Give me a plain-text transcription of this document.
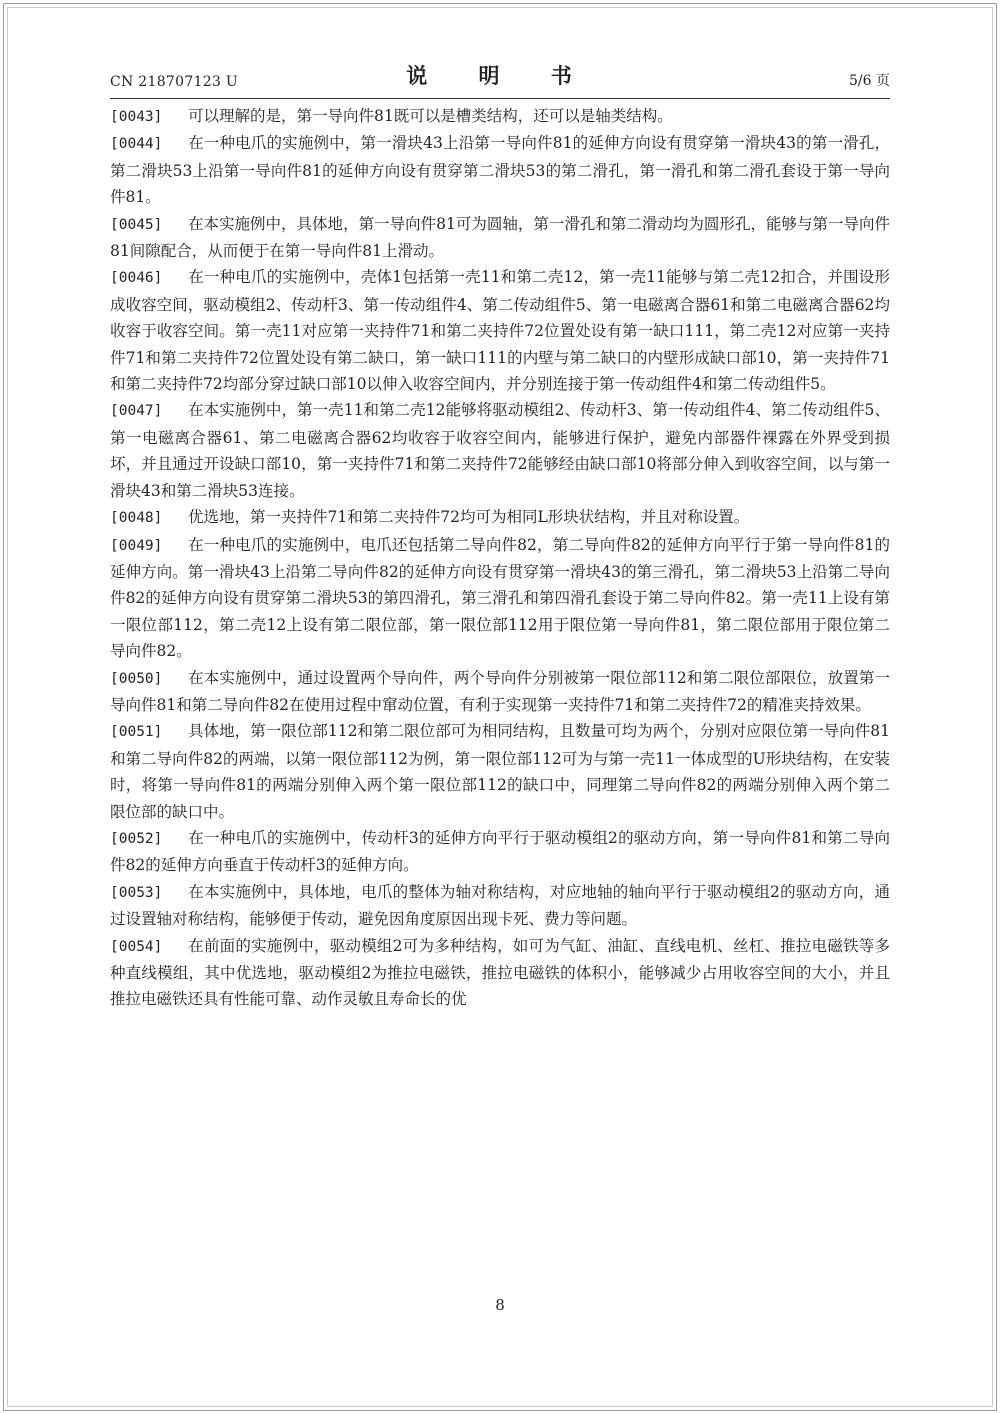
CN 218707123 U	说 明 书	5/6 页

[0043] 可以理解的是，第一导向件81既可以是槽类结构，还可以是轴类结构。

[0044] 在一种电爪的实施例中，第一滑块43上沿第一导向件81的延伸方向设有贯穿第一滑块43的第一滑孔，第二滑块53上沿第一导向件81的延伸方向设有贯穿第二滑块53的第二滑孔，第一滑孔和第二滑孔套设于第一导向件81。

[0045] 在本实施例中，具体地，第一导向件81可为圆轴，第一滑孔和第二滑动均为圆形孔，能够与第一导向件81间隙配合，从而便于在第一导向件81上滑动。

[0046] 在一种电爪的实施例中，壳体1包括第一壳11和第二壳12，第一壳11能够与第二壳12扣合，并围设形成收容空间，驱动模组2、传动杆3、第一传动组件4、第二传动组件5、第一电磁离合器61和第二电磁离合器62均收容于收容空间。第一壳11对应第一夹持件71和第二夹持件72位置处设有第一缺口111，第二壳12对应第一夹持件71和第二夹持件72位置处设有第二缺口，第一缺口111的内壁与第二缺口的内壁形成缺口部10，第一夹持件71和第二夹持件72均部分穿过缺口部10以伸入收容空间内，并分别连接于第一传动组件4和第二传动组件5。

[0047] 在本实施例中，第一壳11和第二壳12能够将驱动模组2、传动杆3、第一传动组件4、第二传动组件5、第一电磁离合器61、第二电磁离合器62均收容于收容空间内，能够进行保护，避免内部器件裸露在外界受到损坏，并且通过开设缺口部10，第一夹持件71和第二夹持件72能够经由缺口部10将部分伸入到收容空间，以与第一滑块43和第二滑块53连接。

[0048] 优选地，第一夹持件71和第二夹持件72均可为相同L形块状结构，并且对称设置。

[0049] 在一种电爪的实施例中，电爪还包括第二导向件82，第二导向件82的延伸方向平行于第一导向件81的延伸方向。第一滑块43上沿第二导向件82的延伸方向设有贯穿第一滑块43的第三滑孔，第二滑块53上沿第二导向件82的延伸方向设有贯穿第二滑块53的第四滑孔，第三滑孔和第四滑孔套设于第二导向件82。第一壳11上设有第一限位部112，第二壳12上设有第二限位部，第一限位部112用于限位第一导向件81，第二限位部用于限位第二导向件82。

[0050] 在本实施例中，通过设置两个导向件，两个导向件分别被第一限位部112和第二限位部限位，放置第一导向件81和第二导向件82在使用过程中窜动位置，有利于实现第一夹持件71和第二夹持件72的精准夹持效果。

[0051] 具体地，第一限位部112和第二限位部可为相同结构，且数量可均为两个，分别对应限位第一导向件81和第二导向件82的两端，以第一限位部112为例，第一限位部112可为与第一壳11一体成型的U形块结构，在安装时，将第一导向件81的两端分别伸入两个第一限位部112的缺口中，同理第二导向件82的两端分别伸入两个第二限位部的缺口中。

[0052] 在一种电爪的实施例中，传动杆3的延伸方向平行于驱动模组2的驱动方向，第一导向件81和第二导向件82的延伸方向垂直于传动杆3的延伸方向。

[0053] 在本实施例中，具体地，电爪的整体为轴对称结构，对应地轴的轴向平行于驱动模组2的驱动方向，通过设置轴对称结构，能够便于传动，避免因角度原因出现卡死、费力等问题。

[0054] 在前面的实施例中，驱动模组2可为多种结构，如可为气缸、油缸、直线电机、丝杠、推拉电磁铁等多种直线模组，其中优选地，驱动模组2为推拉电磁铁，推拉电磁铁的体积小，能够减少占用收容空间的大小，并且推拉电磁铁还具有性能可靠、动作灵敏且寿命长的优

8
